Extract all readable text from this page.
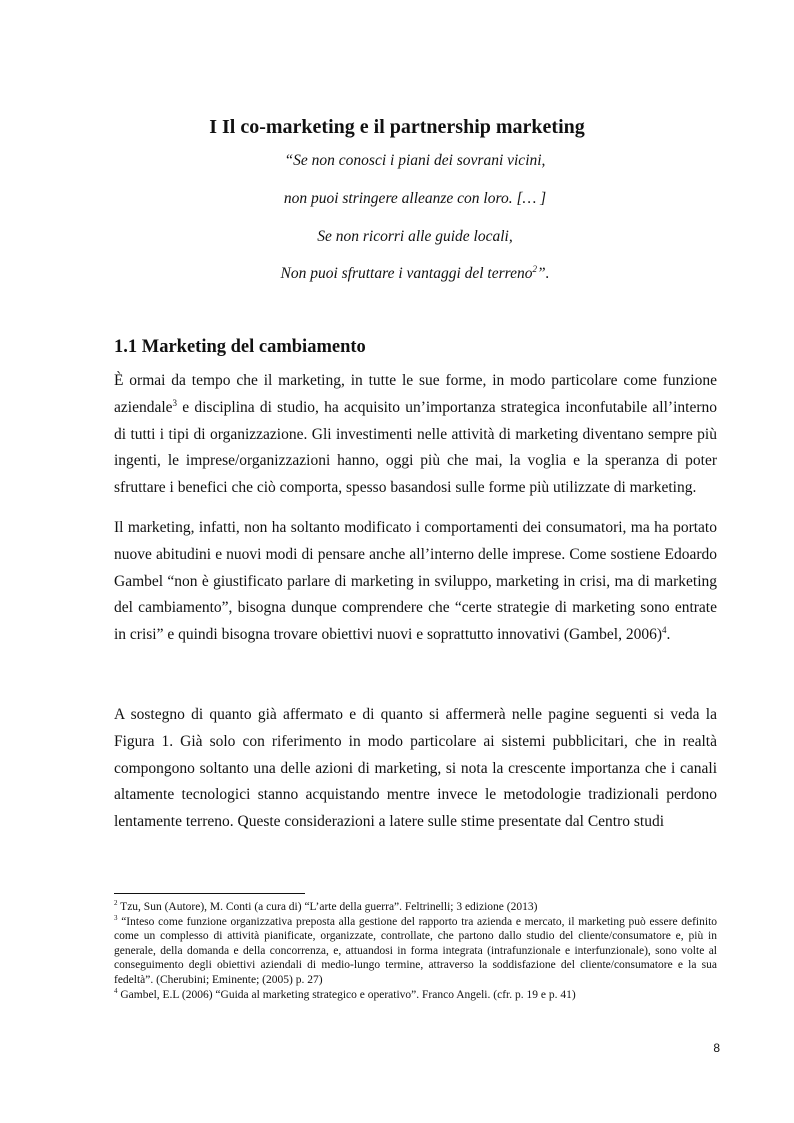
I Il co-marketing e il partnership marketing

“Se non conosci i piani dei sovrani vicini,

non puoi stringere alleanze con loro. [… ]

Se non ricorri alle guide locali,

Non puoi sfruttare i vantaggi del terreno$^2$”.

1.1 Marketing del cambiamento

È ormai da tempo che il marketing, in tutte le sue forme, in modo particolare come funzione aziendale$^3$ e disciplina di studio, ha acquisito un’importanza strategica inconfutabile all’interno di tutti i tipi di organizzazione. Gli investimenti nelle attività di marketing diventano sempre più ingenti, le imprese/organizzazioni hanno, oggi più che mai, la voglia e la speranza di poter sfruttare i benefici che ciò comporta, spesso basandosi sulle forme più utilizzate di marketing.

Il marketing, infatti, non ha soltanto modificato i comportamenti dei consumatori, ma ha portato nuove abitudini e nuovi modi di pensare anche all’interno delle imprese. Come sostiene Edoardo Gambel “non è giustificato parlare di marketing in sviluppo, marketing in crisi, ma di marketing del cambiamento”, bisogna dunque comprendere che “certe strategie di marketing sono entrate in crisi” e quindi bisogna trovare obiettivi nuovi e soprattutto innovativi (Gambel, 2006)$^4$.

A sostegno di quanto già affermato e di quanto si affermerà nelle pagine seguenti si veda la Figura 1. Già solo con riferimento in modo particolare ai sistemi pubblicitari, che in realtà compongono soltanto una delle azioni di marketing, si nota la crescente importanza che i canali altamente tecnologici stanno acquistando mentre invece le metodologie tradizionali perdono lentamente terreno. Queste considerazioni a latere sulle stime presentate dal Centro studi

$^2$ Tzu, Sun (Autore), M. Conti (a cura di) “L’arte della guerra”. Feltrinelli; 3 edizione (2013)

$^3$ “Inteso come funzione organizzativa preposta alla gestione del rapporto tra azienda e mercato, il marketing può essere definito come un complesso di attività pianificate, organizzate, controllate, che partono dallo studio del cliente/consumatore e, più in generale, della domanda e della concorrenza, e, attuandosi in forma integrata (intrafunzionale e interfunzionale), sono volte al conseguimento degli obiettivi aziendali di medio-lungo termine, attraverso la soddisfazione del cliente/consumatore e la sua fedeltà”. (Cherubini; Eminente; (2005) p. 27)

$^4$ Gambel, E.L (2006) “Guida al marketing strategico e operativo”. Franco Angeli. (cfr. p. 19 e p. 41)

8
